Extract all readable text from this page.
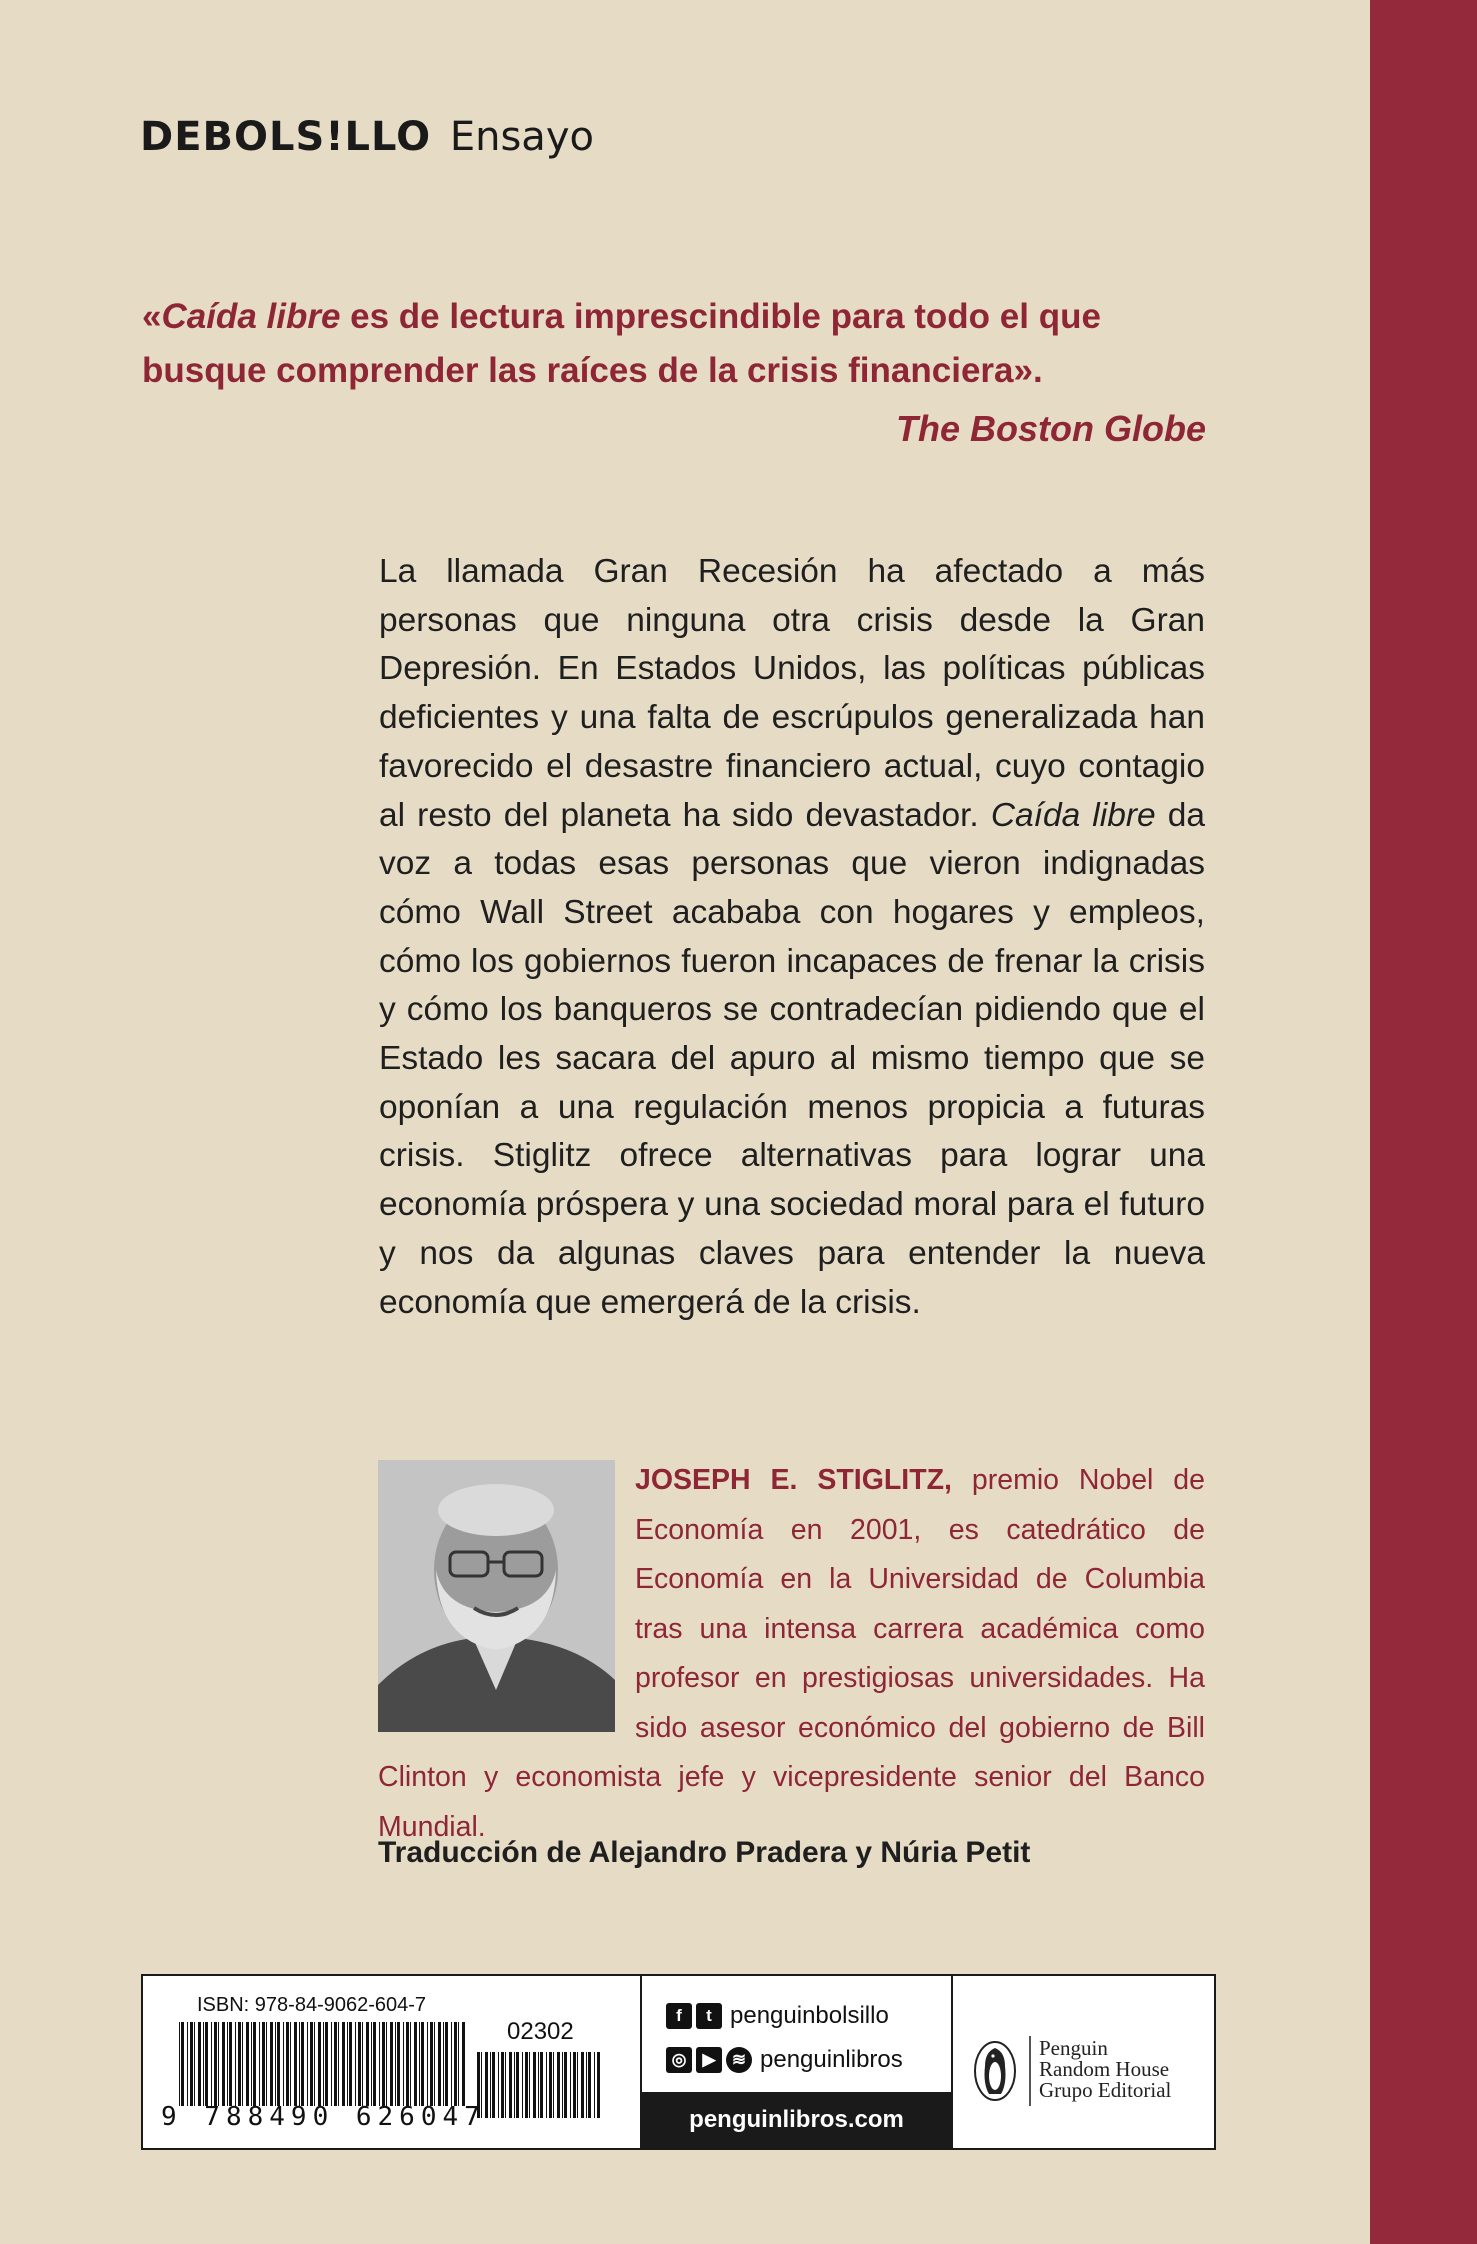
DEBOLS!LLO Ensayo
«Caída libre es de lectura imprescindible para todo el que busque comprender las raíces de la crisis financiera».
The Boston Globe
La llamada Gran Recesión ha afectado a más personas que ninguna otra crisis desde la Gran Depresión. En Estados Unidos, las políticas públicas deficientes y una falta de escrúpulos generalizada han favorecido el desastre financiero actual, cuyo contagio al resto del planeta ha sido devastador. Caída libre da voz a todas esas personas que vieron indignadas cómo Wall Street acababa con hogares y empleos, cómo los gobiernos fueron incapaces de frenar la crisis y cómo los banqueros se contradecían pidiendo que el Estado les sacara del apuro al mismo tiempo que se oponían a una regulación menos propicia a futuras crisis. Stiglitz ofrece alternativas para lograr una economía próspera y una sociedad moral para el futuro y nos da algunas claves para entender la nueva economía que emergerá de la crisis.
JOSEPH E. STIGLITZ, premio Nobel de Economía en 2001, es catedrático de Economía en la Universidad de Columbia tras una intensa carrera académica como profesor en prestigiosas universidades. Ha sido asesor económico del gobierno de Bill Clinton y economista jefe y vicepresidente senior del Banco Mundial.
Traducción de Alejandro Pradera y Núria Petit
ISBN: 978-84-9062-604-7
02302
9 788490 626047
f	t penguinbolsillo
◎ ▶ ≋ penguinlibros
penguinlibros.com
Penguin
Random House
Grupo Editorial
